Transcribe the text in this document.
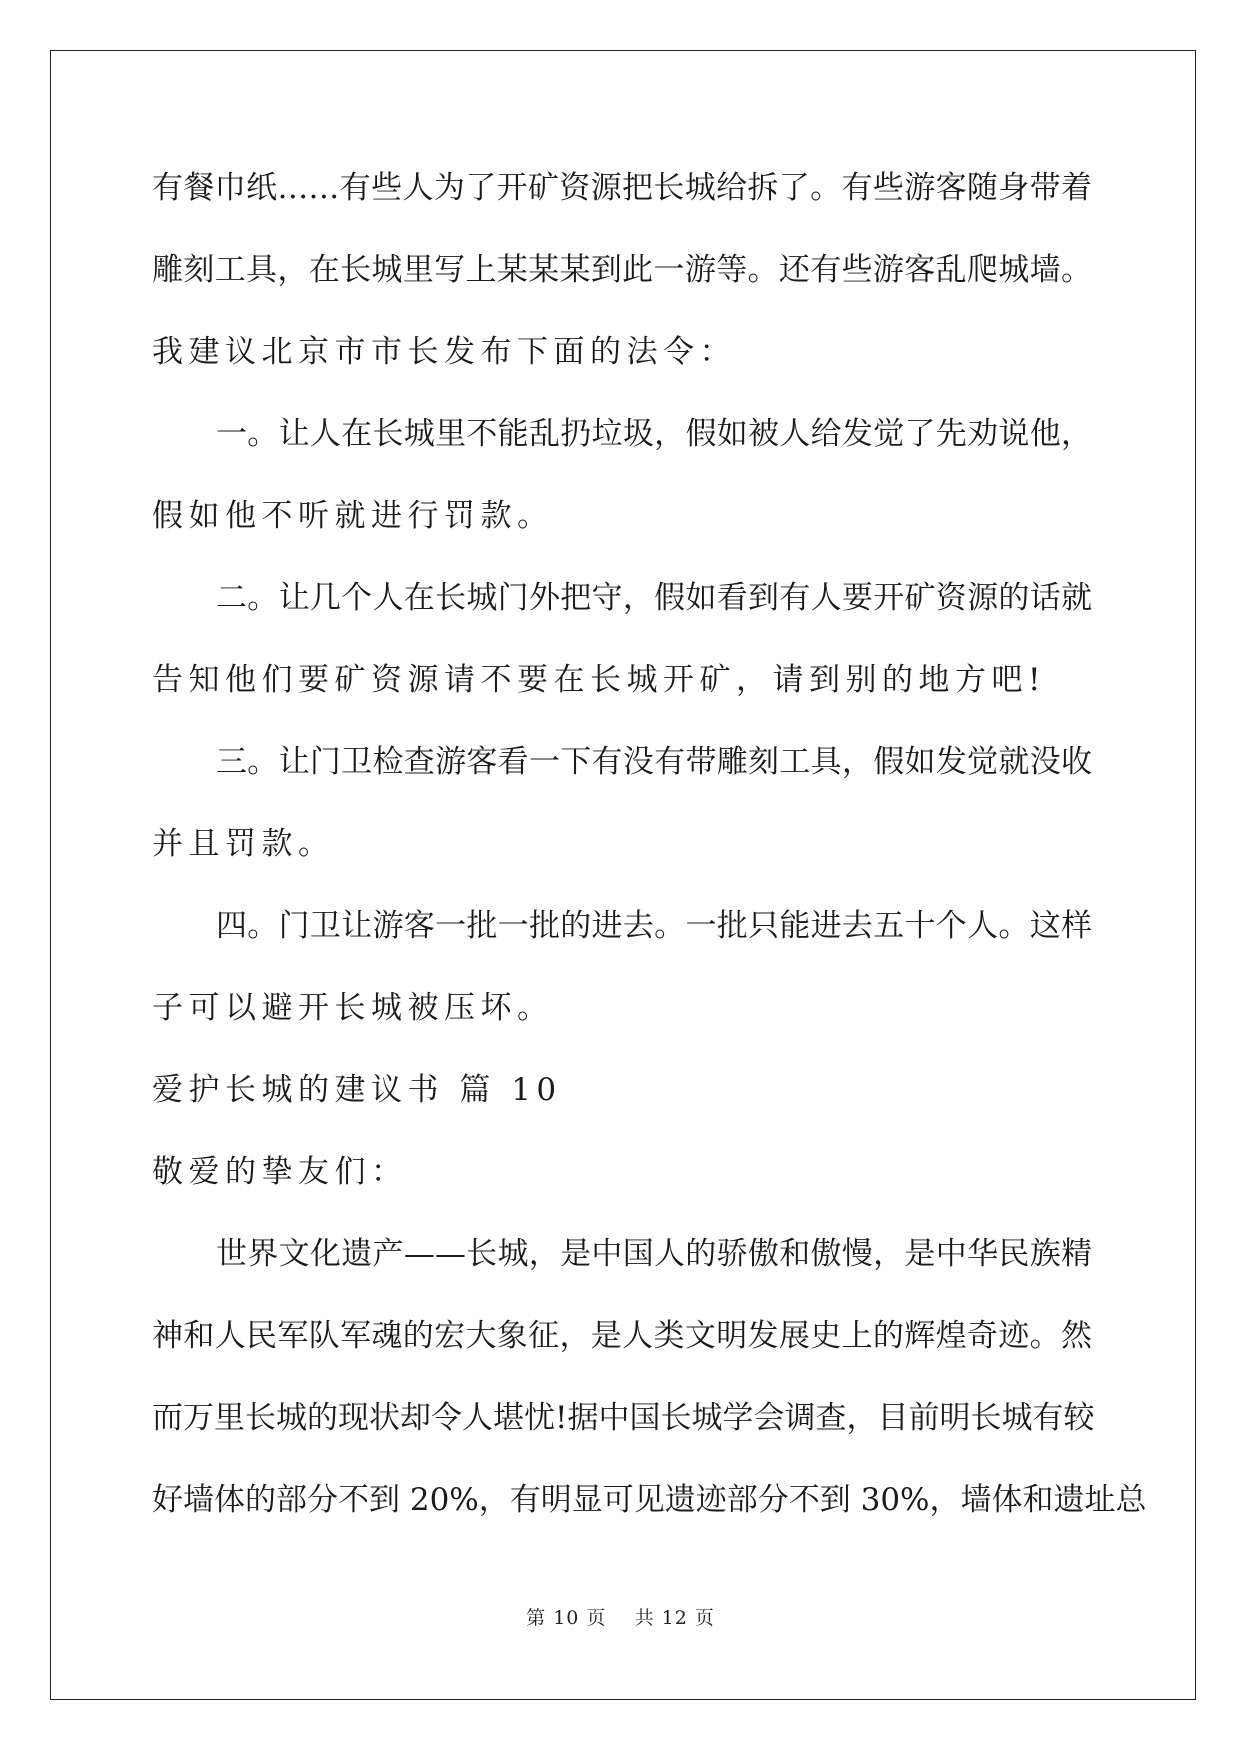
有餐巾纸……有些人为了开矿资源把长城给拆了。有些游客随身带着
雕刻工具，在长城里写上某某某到此一游等。还有些游客乱爬城墙。
我建议北京市市长发布下面的法令：
一。让人在长城里不能乱扔垃圾，假如被人给发觉了先劝说他，
假如他不听就进行罚款。
二。让几个人在长城门外把守，假如看到有人要开矿资源的话就
告知他们要矿资源请不要在长城开矿，请到别的地方吧!
三。让门卫检查游客看一下有没有带雕刻工具，假如发觉就没收
并且罚款。
四。门卫让游客一批一批的进去。一批只能进去五十个人。这样
子可以避开长城被压坏。
爱护长城的建议书 篇 10
敬爱的挚友们：
世界文化遗产——长城，是中国人的骄傲和傲慢，是中华民族精
神和人民军队军魂的宏大象征，是人类文明发展史上的辉煌奇迹。然
而万里长城的现状却令人堪忧!据中国长城学会调查，目前明长城有较
好墙体的部分不到 20%，有明显可见遗迹部分不到 30%，墙体和遗址总
第 10 页    共 12 页
